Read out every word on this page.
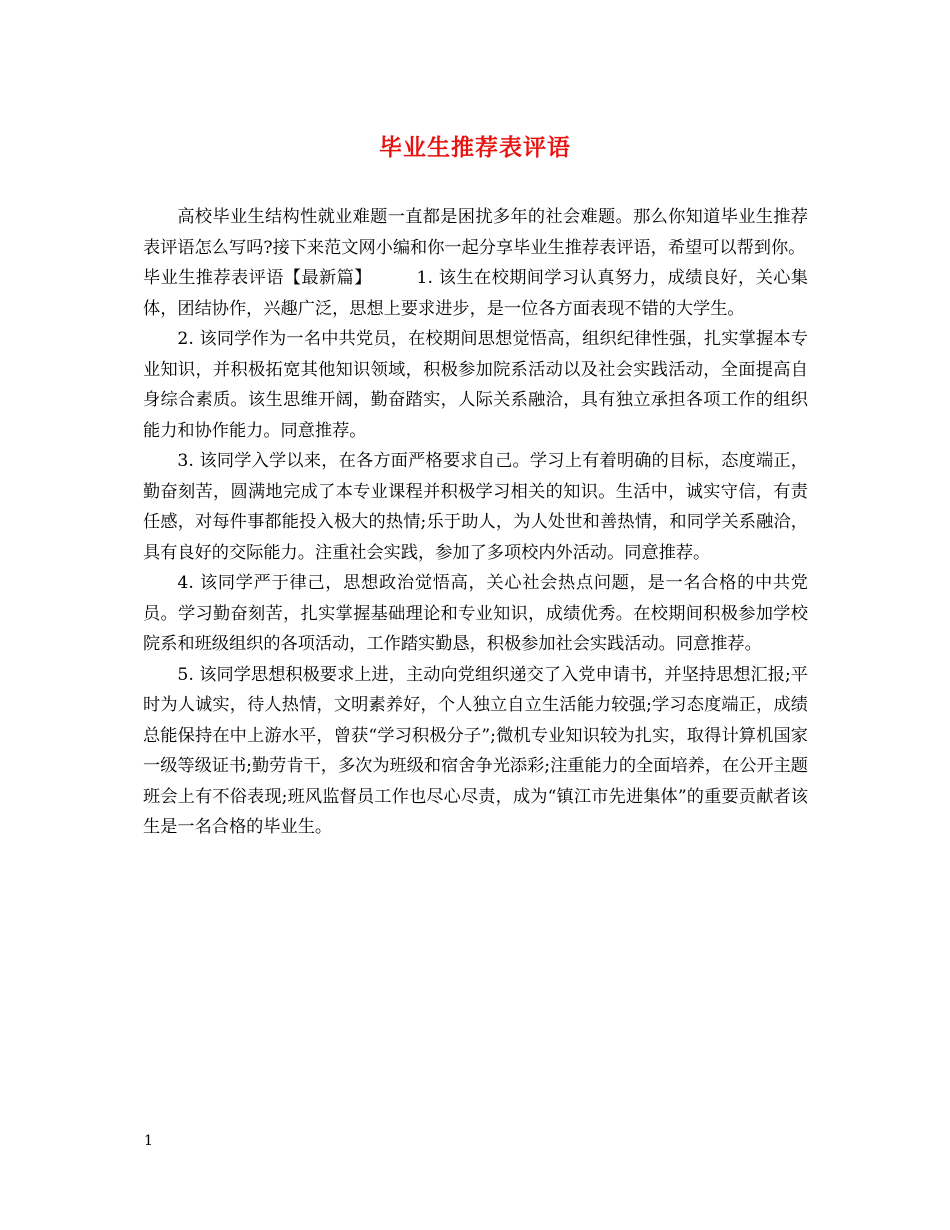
毕业生推荐表评语

高校毕业生结构性就业难题一直都是困扰多年的社会难题。那么你知道毕业生推荐表评语怎么写吗?接下来范文网小编和你一起分享毕业生推荐表评语，希望可以帮到你。

毕业生推荐表评语【最新篇】	1. 该生在校期间学习认真努力，成绩良好，关心集体，团结协作，兴趣广泛，思想上要求进步，是一位各方面表现不错的大学生。

2. 该同学作为一名中共党员，在校期间思想觉悟高，组织纪律性强，扎实掌握本专业知识，并积极拓宽其他知识领域，积极参加院系活动以及社会实践活动，全面提高自身综合素质。该生思维开阔，勤奋踏实，人际关系融洽，具有独立承担各项工作的组织能力和协作能力。同意推荐。

3. 该同学入学以来，在各方面严格要求自己。学习上有着明确的目标，态度端正，勤奋刻苦，圆满地完成了本专业课程并积极学习相关的知识。生活中，诚实守信，有责任感，对每件事都能投入极大的热情;乐于助人，为人处世和善热情，和同学关系融洽，具有良好的交际能力。注重社会实践，参加了多项校内外活动。同意推荐。

4. 该同学严于律己，思想政治觉悟高，关心社会热点问题，是一名合格的中共党员。学习勤奋刻苦，扎实掌握基础理论和专业知识，成绩优秀。在校期间积极参加学校院系和班级组织的各项活动，工作踏实勤恳，积极参加社会实践活动。同意推荐。

5. 该同学思想积极要求上进，主动向党组织递交了入党申请书，并坚持思想汇报;平时为人诚实，待人热情，文明素养好，个人独立自立生活能力较强;学习态度端正，成绩总能保持在中上游水平，曾获“学习积极分子”;微机专业知识较为扎实，取得计算机国家一级等级证书;勤劳肯干，多次为班级和宿舍争光添彩;注重能力的全面培养，在公开主题班会上有不俗表现;班风监督员工作也尽心尽责，成为“镇江市先进集体”的重要贡献者该生是一名合格的毕业生。

1
